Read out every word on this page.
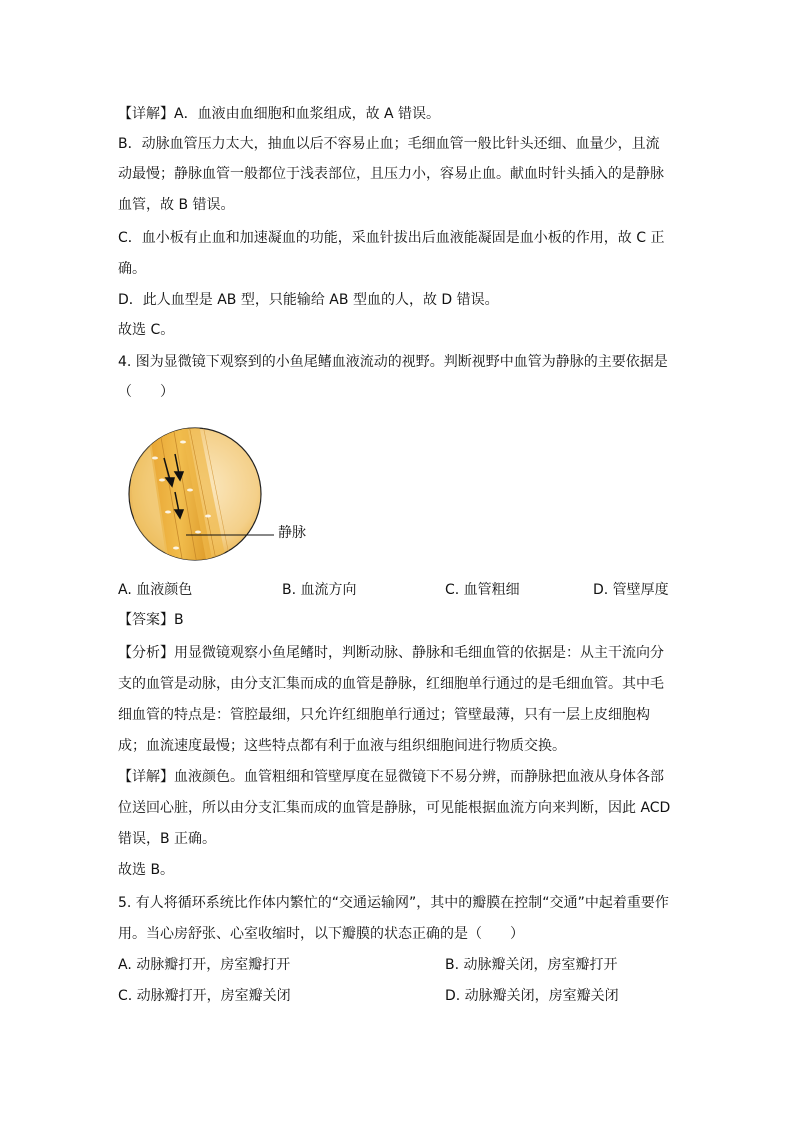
【详解】A．血液由血细胞和血浆组成，故 A 错误。
B．动脉血管压力太大，抽血以后不容易止血；毛细血管一般比针头还细、血量少，且流
动最慢；静脉血管一般都位于浅表部位，且压力小，容易止血。献血时针头插入的是静脉
血管，故 B 错误。
C．血小板有止血和加速凝血的功能，采血针拔出后血液能凝固是血小板的作用，故 C 正
确。
D．此人血型是 AB 型，只能输给 AB 型血的人，故 D 错误。
故选 C。
4. 图为显微镜下观察到的小鱼尾鳍血液流动的视野。判断视野中血管为静脉的主要依据是
（　　）
静脉
A. 血液颜色	B. 血流方向	C. 血管粗细	D. 管壁厚度
【答案】B
【分析】用显微镜观察小鱼尾鳍时，判断动脉、静脉和毛细血管的依据是：从主干流向分
支的血管是动脉，由分支汇集而成的血管是静脉，红细胞单行通过的是毛细血管。其中毛
细血管的特点是：管腔最细，只允许红细胞单行通过；管壁最薄，只有一层上皮细胞构
成；血流速度最慢；这些特点都有利于血液与组织细胞间进行物质交换。
【详解】血液颜色。血管粗细和管壁厚度在显微镜下不易分辨，而静脉把血液从身体各部
位送回心脏，所以由分支汇集而成的血管是静脉，可见能根据血流方向来判断，因此 ACD
错误，B 正确。
故选 B。
5. 有人将循环系统比作体内繁忙的“交通运输网”，其中的瓣膜在控制“交通”中起着重要作
用。当心房舒张、心室收缩时，以下瓣膜的状态正确的是（　　）
A. 动脉瓣打开，房室瓣打开	B. 动脉瓣关闭，房室瓣打开
C. 动脉瓣打开，房室瓣关闭	D. 动脉瓣关闭，房室瓣关闭
